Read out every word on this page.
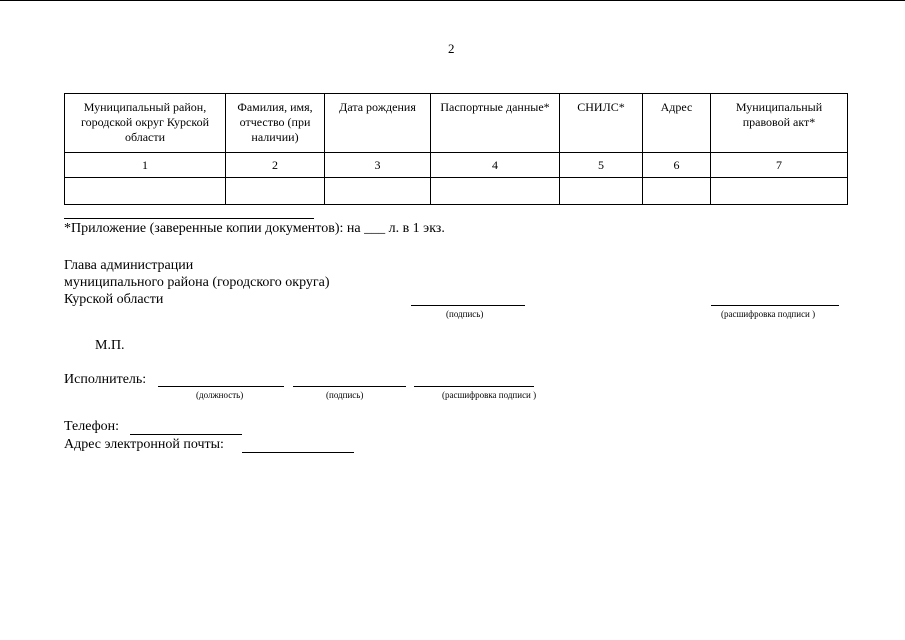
2
Муниципальный район, городской округ Курской области	Фамилия, имя, отчество (при наличии)	Дата рождения	Паспортные данные*	СНИЛС*	Адрес	Муниципальный правовой акт*
1	2	3	4	5	6	7

*Приложение (заверенные копии документов): на ___ л. в 1 экз.
Глава администрации
муниципального района (городского округа)
Курской области
(подпись)	(расшифровка подписи )
М.П.
Исполнитель:
(должность)	(подпись)	(расшифровка подписи )
Телефон:
Адрес электронной почты:
